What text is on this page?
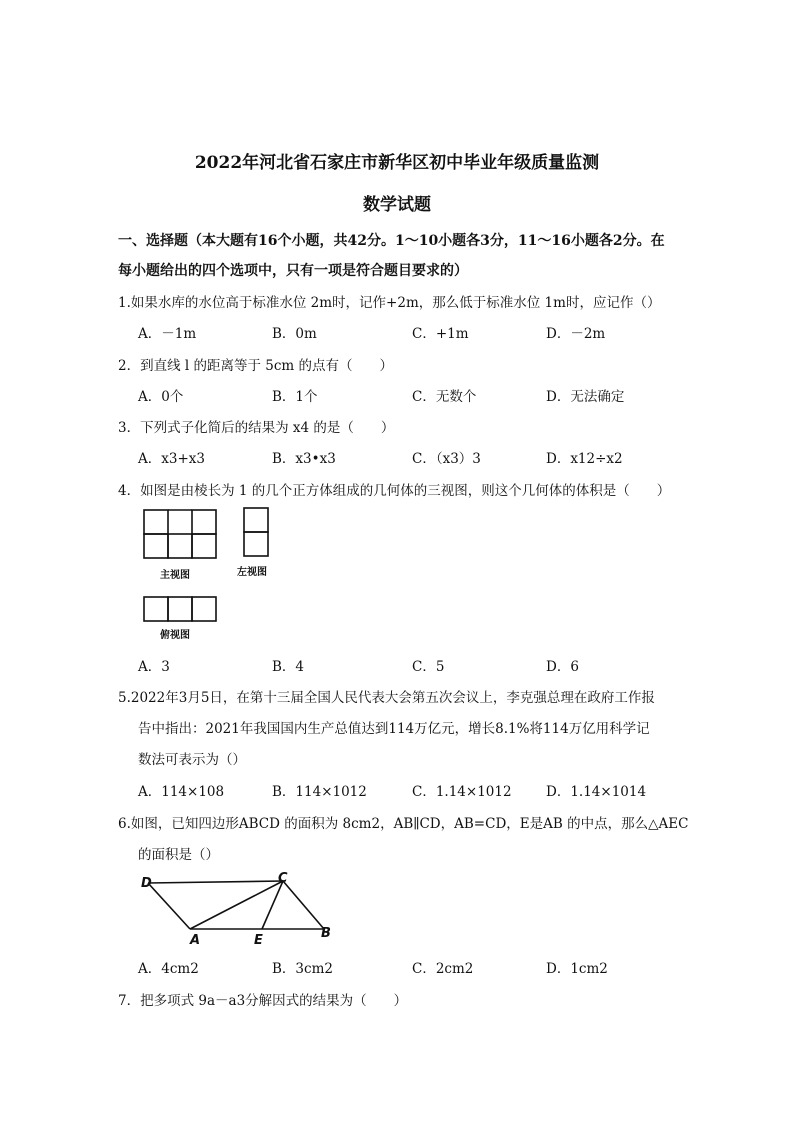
2022年河北省石家庄市新华区初中毕业年级质量监测
数学试题
一、选择题（本大题有16个小题，共42分。1～10小题各3分，11～16小题各2分。在
每小题给出的四个选项中，只有一项是符合题目要求的）
1.如果水库的水位高于标准水位 2m时，记作+2m，那么低于标准水位 1m时，应记作（）
A．－1m	B．0m	C．+1m	D．－2m
2．到直线 l 的距离等于 5cm 的点有（　　）
A．0个	B．1个	C．无数个	D．无法确定
3．下列式子化简后的结果为 x4 的是（　　）
A．x3+x3	B．x3•x3	C．（x3）3	D．x12÷x2
4．如图是由棱长为 1 的几个正方体组成的几何体的三视图，则这个几何体的体积是（　　）
主视图	左视图
俯视图
A．3	B．4	C．5	D．6
5.2022年3月5日，在第十三届全国人民代表大会第五次会议上，李克强总理在政府工作报
告中指出：2021年我国国内生产总值达到114万亿元，增长8.1%将114万亿用科学记
数法可表示为（）
A．114×108	B．114×1012	C．1.14×1012	D．1.14×1014
6.如图，已知四边形ABCD 的面积为 8cm2，AB∥CD，AB=CD，E是AB 的中点，那么△AEC
的面积是（）
D	C
A	E	B
A．4cm2	B．3cm2	C．2cm2	D．1cm2
7．把多项式 9a－a3分解因式的结果为（　　）
